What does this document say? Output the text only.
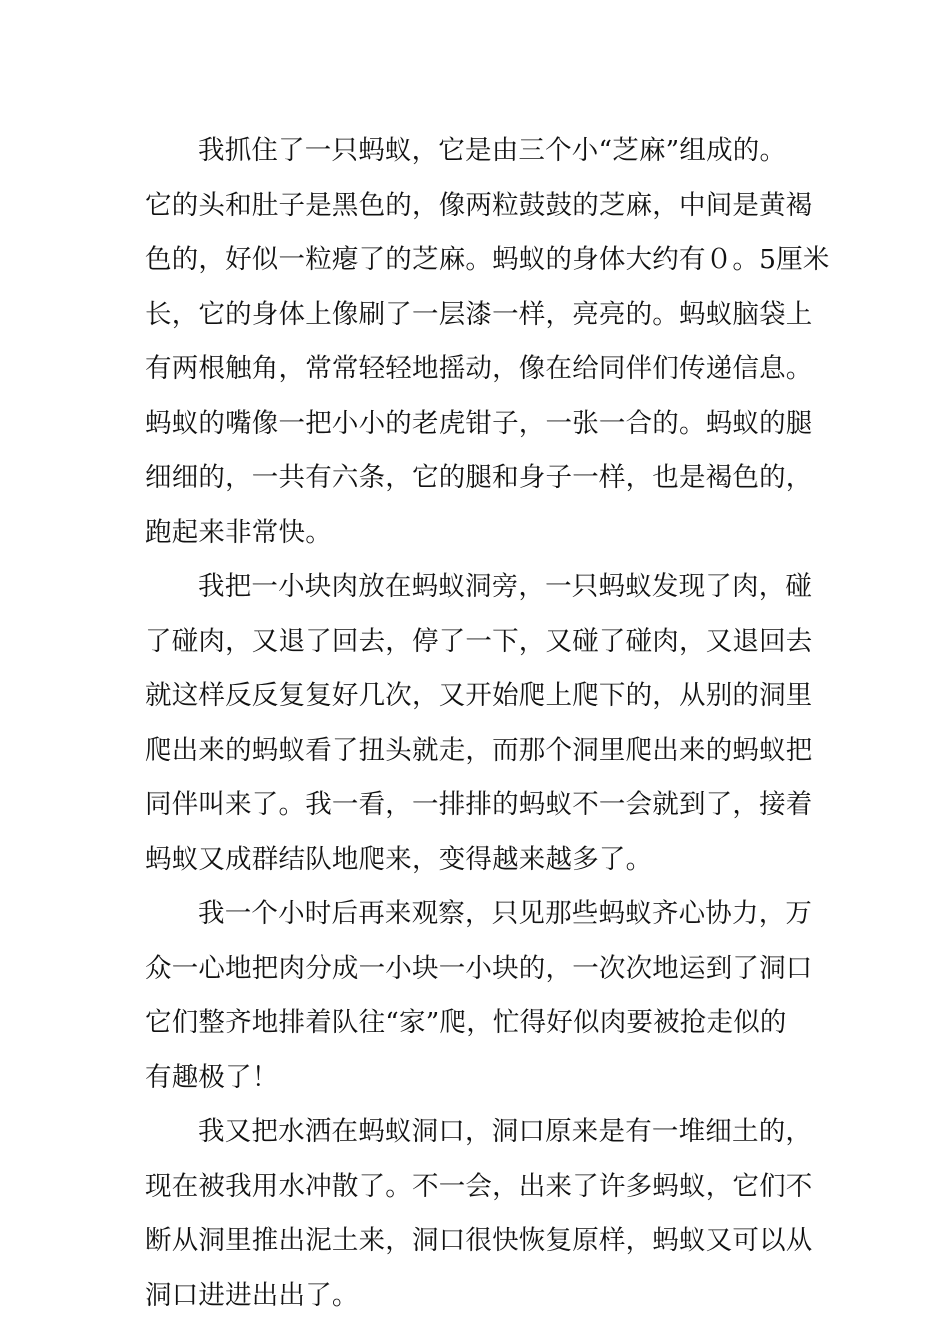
我抓住了一只蚂蚁，它是由三个小“芝麻”组成的。
它的头和肚子是黑色的，像两粒鼓鼓的芝麻，中间是黄褐
色的，好似一粒瘪了的芝麻。蚂蚁的身体大约有０。5厘米
长，它的身体上像刷了一层漆一样，亮亮的。蚂蚁脑袋上
有两根触角，常常轻轻地摇动，像在给同伴们传递信息。
蚂蚁的嘴像一把小小的老虎钳子，一张一合的。蚂蚁的腿
细细的，一共有六条，它的腿和身子一样，也是褐色的，
跑起来非常快。
我把一小块肉放在蚂蚁洞旁，一只蚂蚁发现了肉，碰
了碰肉，又退了回去，停了一下，又碰了碰肉，又退回去
就这样反反复复好几次，又开始爬上爬下的，从别的洞里
爬出来的蚂蚁看了扭头就走，而那个洞里爬出来的蚂蚁把
同伴叫来了。我一看，一排排的蚂蚁不一会就到了，接着
蚂蚁又成群结队地爬来，变得越来越多了。
我一个小时后再来观察，只见那些蚂蚁齐心协力，万
众一心地把肉分成一小块一小块的，一次次地运到了洞口
它们整齐地排着队往“家”爬，忙得好似肉要被抢走似的
有趣极了！
我又把水洒在蚂蚁洞口，洞口原来是有一堆细土的，
现在被我用水冲散了。不一会，出来了许多蚂蚁，它们不
断从洞里推出泥土来，洞口很快恢复原样，蚂蚁又可以从
洞口进进出出了。
